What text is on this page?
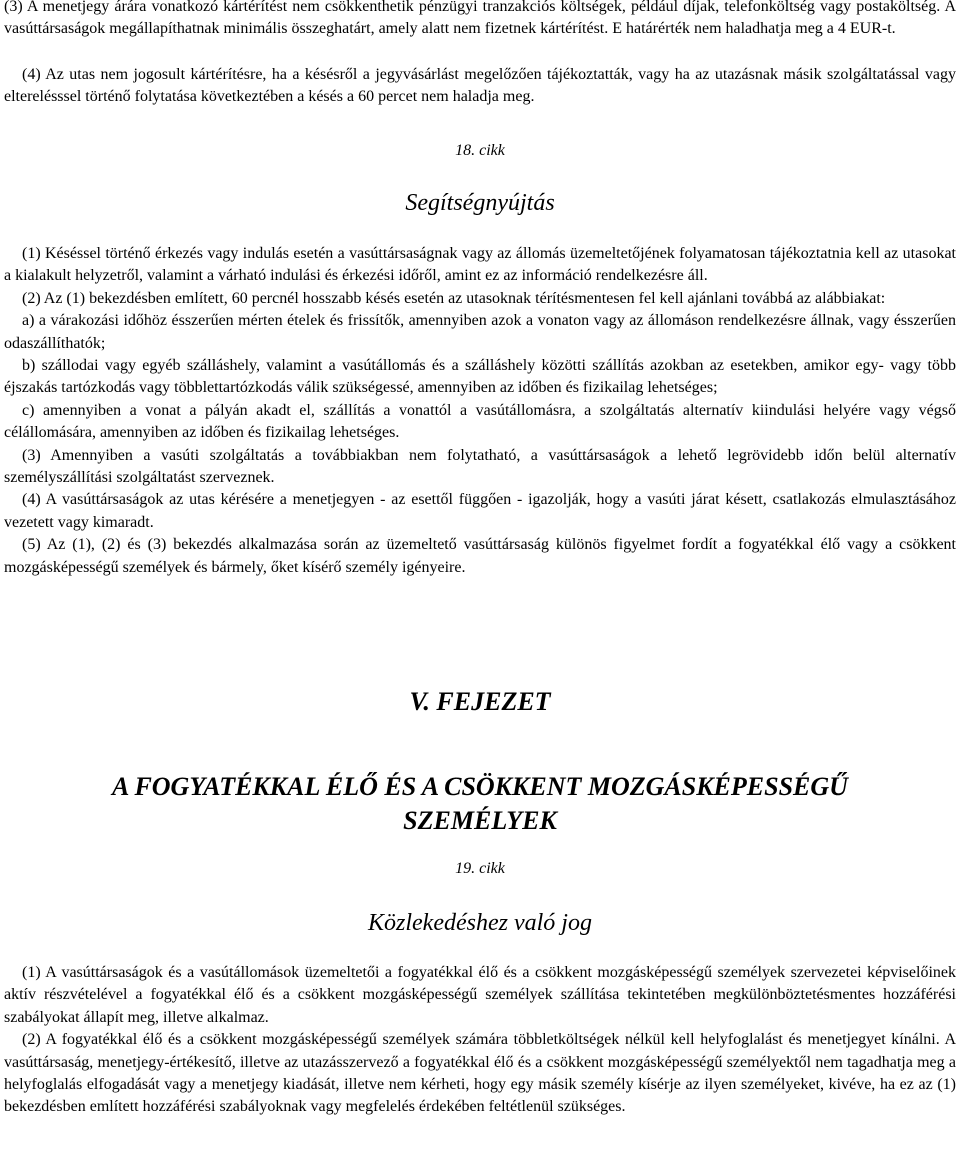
(3) A menetjegy árára vonatkozó kártérítést nem csökkenthetik pénzügyi tranzakciós költségek, például díjak, telefonköltség vagy postaköltség. A vasúttársaságok megállapíthatnak minimális összeghatárt, amely alatt nem fizetnek kártérítést. E határérték nem haladhatja meg a 4 EUR-t.

(4) Az utas nem jogosult kártérítésre, ha a késésről a jegyvásárlást megelőzően tájékoztatták, vagy ha az utazásnak másik szolgáltatással vagy elterelésssel történő folytatása következtében a késés a 60 percet nem haladja meg.

18. cikk
Segítségnyújtás

(1) Késéssel történő érkezés vagy indulás esetén a vasúttársaságnak vagy az állomás üzemeltetőjének folyamatosan tájékoztatnia kell az utasokat a kialakult helyzetről, valamint a várható indulási és érkezési időről, amint ez az információ rendelkezésre áll.

(2) Az (1) bekezdésben említett, 60 percnél hosszabb késés esetén az utasoknak térítésmentesen fel kell ajánlani továbbá az alábbiakat:

a) a várakozási időhöz ésszerűen mérten ételek és frissítők, amennyiben azok a vonaton vagy az állomáson rendelkezésre állnak, vagy ésszerűen odaszállíthatók;

b) szállodai vagy egyéb szálláshely, valamint a vasútállomás és a szálláshely közötti szállítás azokban az esetekben, amikor egy- vagy több éjszakás tartózkodás vagy többlettartózkodás válik szükségessé, amennyiben az időben és fizikailag lehetséges;

c) amennyiben a vonat a pályán akadt el, szállítás a vonattól a vasútállomásra, a szolgáltatás alternatív kiindulási helyére vagy végső célállomására, amennyiben az időben és fizikailag lehetséges.

(3) Amennyiben a vasúti szolgáltatás a továbbiakban nem folytatható, a vasúttársaságok a lehető legrövidebb időn belül alternatív személyszállítási szolgáltatást szerveznek.

(4) A vasúttársaságok az utas kérésére a menetjegyen - az esettől függően - igazolják, hogy a vasúti járat késett, csatlakozás elmulasztásához vezetett vagy kimaradt.

(5) Az (1), (2) és (3) bekezdés alkalmazása során az üzemeltető vasúttársaság különös figyelmet fordít a fogyatékkal élő vagy a csökkent mozgásképességű személyek és bármely, őket kísérő személy igényeire.

V. FEJEZET
A FOGYATÉKKAL ÉLŐ ÉS A CSÖKKENT MOZGÁSKÉPESSÉGŰ SZEMÉLYEK
19. cikk
Közlekedéshez való jog

(1) A vasúttársaságok és a vasútállomások üzemeltetői a fogyatékkal élő és a csökkent mozgásképességű személyek szervezetei képviselőinek aktív részvételével a fogyatékkal élő és a csökkent mozgásképességű személyek szállítása tekintetében megkülönböztetésmentes hozzáférési szabályokat állapít meg, illetve alkalmaz.

(2) A fogyatékkal élő és a csökkent mozgásképességű személyek számára többletköltségek nélkül kell helyfoglalást és menetjegyet kínálni. A vasúttársaság, menetjegy-értékesítő, illetve az utazásszervező a fogyatékkal élő és a csökkent mozgásképességű személyektől nem tagadhatja meg a helyfoglalás elfogadását vagy a menetjegy kiadását, illetve nem kérheti, hogy egy másik személy kísérje az ilyen személyeket, kivéve, ha ez az (1) bekezdésben említett hozzáférési szabályoknak vagy megfelelés érdekében feltétlenül szükséges.
